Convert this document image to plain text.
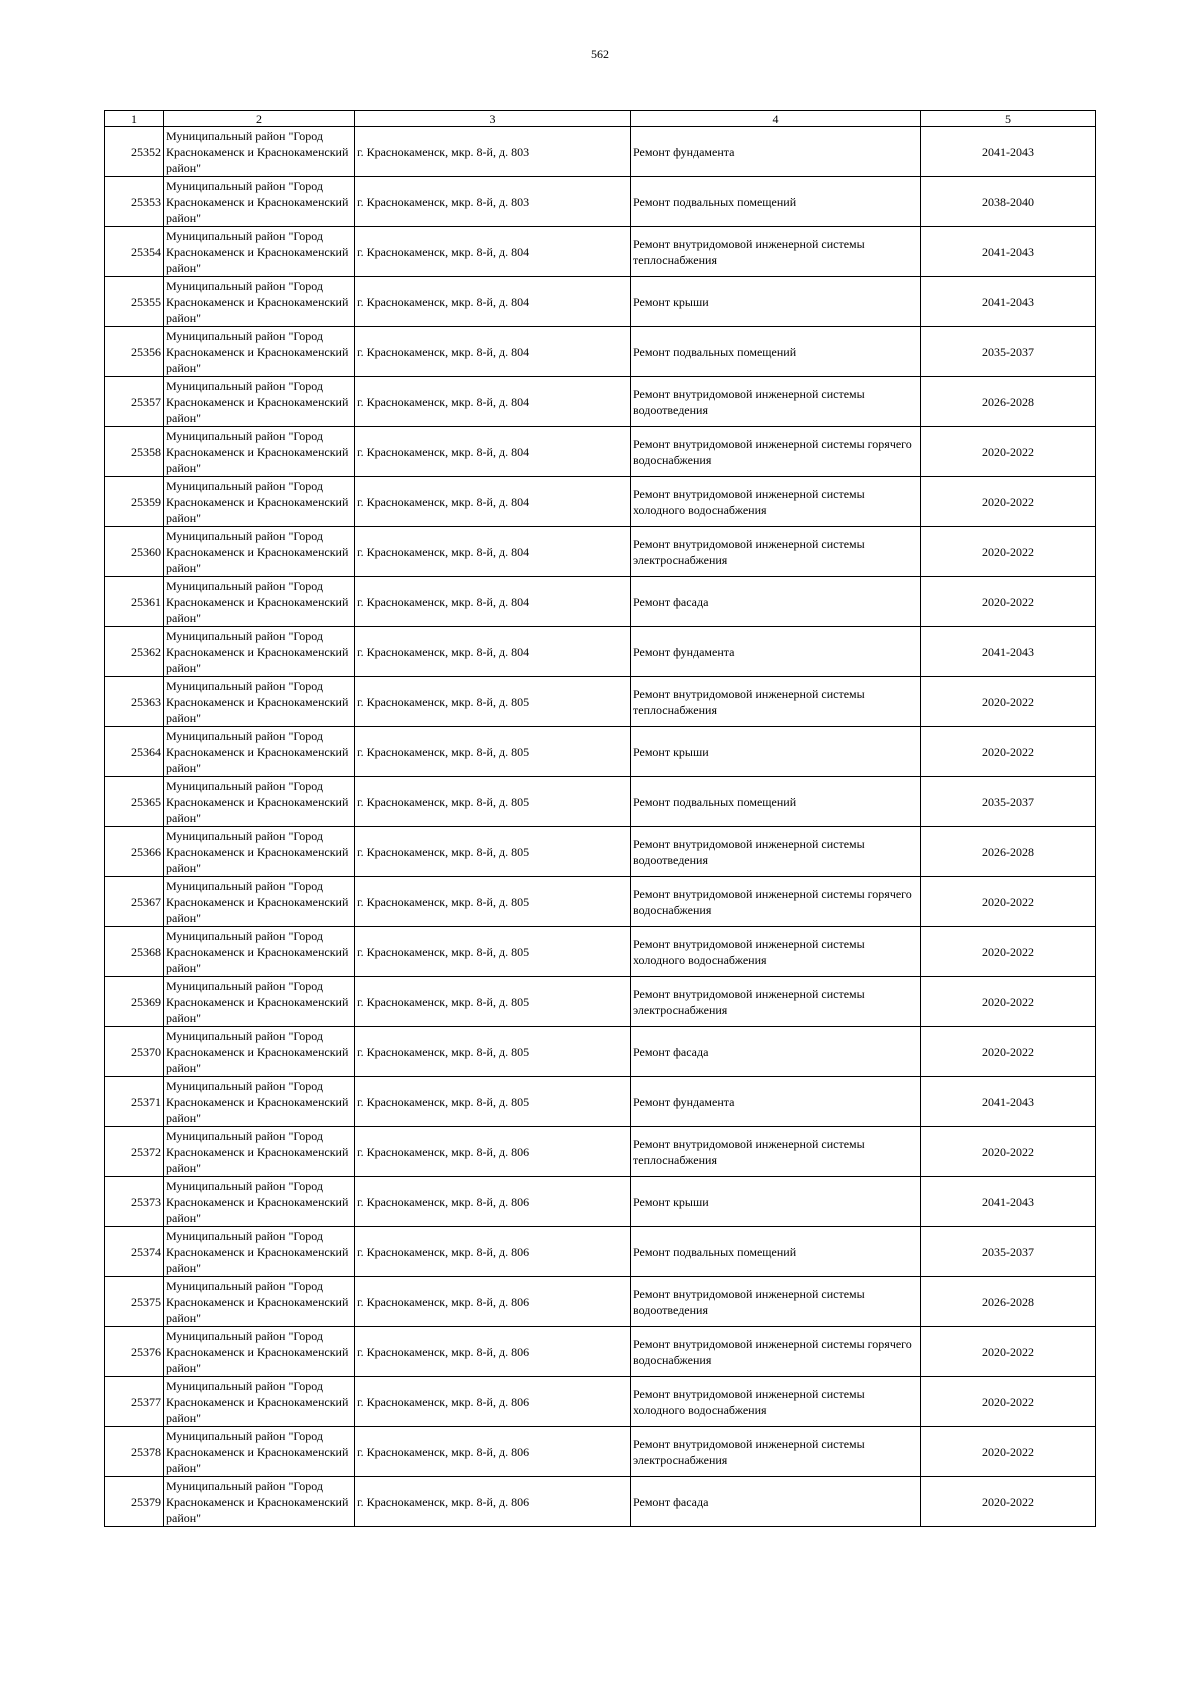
562
1	2	3	4	5
25352	Муниципальный район "Город Краснокаменск и Краснокаменский район"	г. Краснокаменск, мкр. 8-й, д. 803	Ремонт фундамента	2041-2043
25353	Муниципальный район "Город Краснокаменск и Краснокаменский район"	г. Краснокаменск, мкр. 8-й, д. 803	Ремонт подвальных помещений	2038-2040
25354	Муниципальный район "Город Краснокаменск и Краснокаменский район"	г. Краснокаменск, мкр. 8-й, д. 804	Ремонт внутридомовой инженерной системы теплоснабжения	2041-2043
25355	Муниципальный район "Город Краснокаменск и Краснокаменский район"	г. Краснокаменск, мкр. 8-й, д. 804	Ремонт крыши	2041-2043
25356	Муниципальный район "Город Краснокаменск и Краснокаменский район"	г. Краснокаменск, мкр. 8-й, д. 804	Ремонт подвальных помещений	2035-2037
25357	Муниципальный район "Город Краснокаменск и Краснокаменский район"	г. Краснокаменск, мкр. 8-й, д. 804	Ремонт внутридомовой инженерной системы водоотведения	2026-2028
25358	Муниципальный район "Город Краснокаменск и Краснокаменский район"	г. Краснокаменск, мкр. 8-й, д. 804	Ремонт внутридомовой инженерной системы горячего водоснабжения	2020-2022
25359	Муниципальный район "Город Краснокаменск и Краснокаменский район"	г. Краснокаменск, мкр. 8-й, д. 804	Ремонт внутридомовой инженерной системы холодного водоснабжения	2020-2022
25360	Муниципальный район "Город Краснокаменск и Краснокаменский район"	г. Краснокаменск, мкр. 8-й, д. 804	Ремонт внутридомовой инженерной системы электроснабжения	2020-2022
25361	Муниципальный район "Город Краснокаменск и Краснокаменский район"	г. Краснокаменск, мкр. 8-й, д. 804	Ремонт фасада	2020-2022
25362	Муниципальный район "Город Краснокаменск и Краснокаменский район"	г. Краснокаменск, мкр. 8-й, д. 804	Ремонт фундамента	2041-2043
25363	Муниципальный район "Город Краснокаменск и Краснокаменский район"	г. Краснокаменск, мкр. 8-й, д. 805	Ремонт внутридомовой инженерной системы теплоснабжения	2020-2022
25364	Муниципальный район "Город Краснокаменск и Краснокаменский район"	г. Краснокаменск, мкр. 8-й, д. 805	Ремонт крыши	2020-2022
25365	Муниципальный район "Город Краснокаменск и Краснокаменский район"	г. Краснокаменск, мкр. 8-й, д. 805	Ремонт подвальных помещений	2035-2037
25366	Муниципальный район "Город Краснокаменск и Краснокаменский район"	г. Краснокаменск, мкр. 8-й, д. 805	Ремонт внутридомовой инженерной системы водоотведения	2026-2028
25367	Муниципальный район "Город Краснокаменск и Краснокаменский район"	г. Краснокаменск, мкр. 8-й, д. 805	Ремонт внутридомовой инженерной системы горячего водоснабжения	2020-2022
25368	Муниципальный район "Город Краснокаменск и Краснокаменский район"	г. Краснокаменск, мкр. 8-й, д. 805	Ремонт внутридомовой инженерной системы холодного водоснабжения	2020-2022
25369	Муниципальный район "Город Краснокаменск и Краснокаменский район"	г. Краснокаменск, мкр. 8-й, д. 805	Ремонт внутридомовой инженерной системы электроснабжения	2020-2022
25370	Муниципальный район "Город Краснокаменск и Краснокаменский район"	г. Краснокаменск, мкр. 8-й, д. 805	Ремонт фасада	2020-2022
25371	Муниципальный район "Город Краснокаменск и Краснокаменский район"	г. Краснокаменск, мкр. 8-й, д. 805	Ремонт фундамента	2041-2043
25372	Муниципальный район "Город Краснокаменск и Краснокаменский район"	г. Краснокаменск, мкр. 8-й, д. 806	Ремонт внутридомовой инженерной системы теплоснабжения	2020-2022
25373	Муниципальный район "Город Краснокаменск и Краснокаменский район"	г. Краснокаменск, мкр. 8-й, д. 806	Ремонт крыши	2041-2043
25374	Муниципальный район "Город Краснокаменск и Краснокаменский район"	г. Краснокаменск, мкр. 8-й, д. 806	Ремонт подвальных помещений	2035-2037
25375	Муниципальный район "Город Краснокаменск и Краснокаменский район"	г. Краснокаменск, мкр. 8-й, д. 806	Ремонт внутридомовой инженерной системы водоотведения	2026-2028
25376	Муниципальный район "Город Краснокаменск и Краснокаменский район"	г. Краснокаменск, мкр. 8-й, д. 806	Ремонт внутридомовой инженерной системы горячего водоснабжения	2020-2022
25377	Муниципальный район "Город Краснокаменск и Краснокаменский район"	г. Краснокаменск, мкр. 8-й, д. 806	Ремонт внутридомовой инженерной системы холодного водоснабжения	2020-2022
25378	Муниципальный район "Город Краснокаменск и Краснокаменский район"	г. Краснокаменск, мкр. 8-й, д. 806	Ремонт внутридомовой инженерной системы электроснабжения	2020-2022
25379	Муниципальный район "Город Краснокаменск и Краснокаменский район"	г. Краснокаменск, мкр. 8-й, д. 806	Ремонт фасада	2020-2022
